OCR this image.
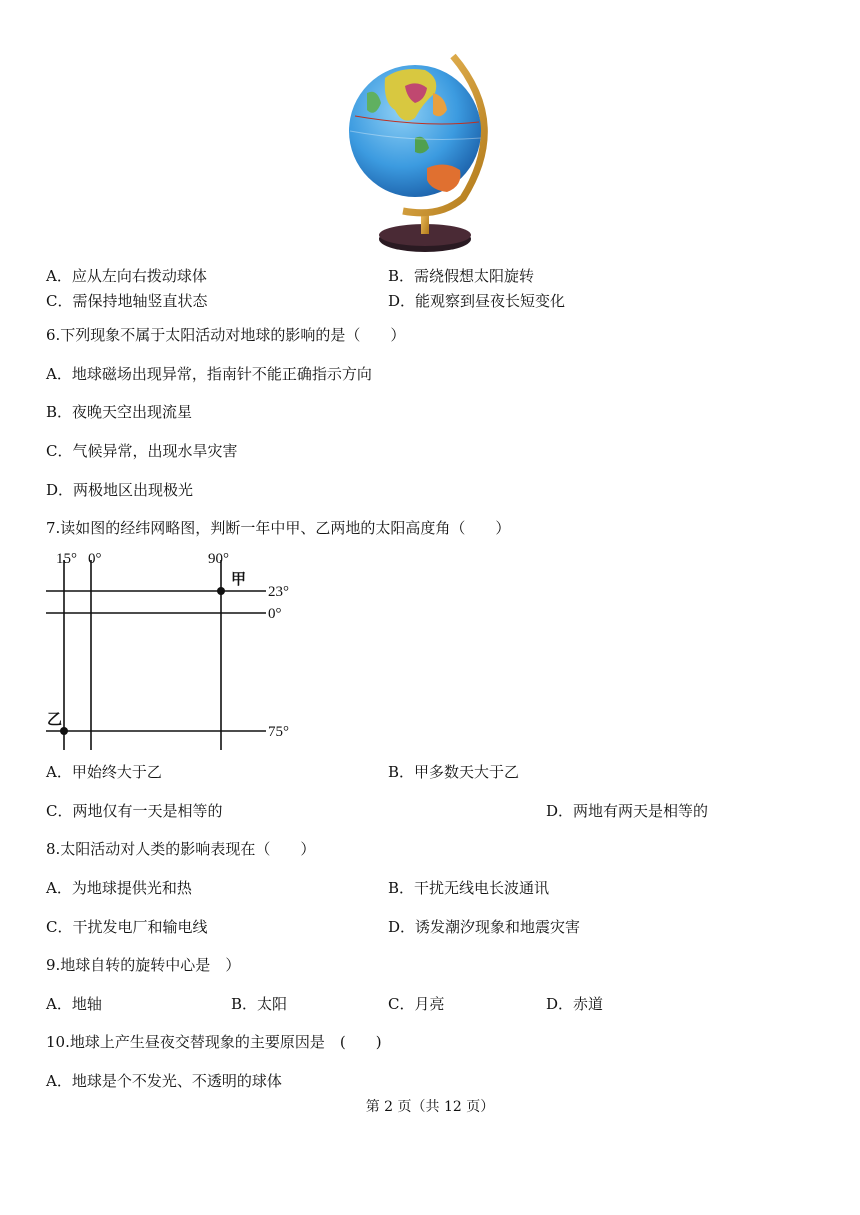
A．应从左向右拨动球体	B．需绕假想太阳旋转
C．需保持地轴竖直状态	D．能观察到昼夜长短变化
6.下列现象不属于太阳活动对地球的影响的是（　　）
A．地球磁场出现异常，指南针不能正确指示方向
B．夜晚天空出现流星
C．气候异常，出现水旱灾害
D．两极地区出现极光
7.读如图的经纬网略图，判断一年中甲、乙两地的太阳高度角（　　）
15° 0°	90°
23°
0°
75°
甲
乙
A．甲始终大于乙	B．甲多数天大于乙
C．两地仅有一天是相等的	D．两地有两天是相等的
8.太阳活动对人类的影响表现在（　　）
A．为地球提供光和热	B．干扰无线电长波通讯
C．干扰发电厂和输电线	D．诱发潮汐现象和地震灾害
9.地球自转的旋转中心是　）
A．地轴	B．太阳	C．月亮	D．赤道
10.地球上产生昼夜交替现象的主要原因是　(　　)
A．地球是个不发光、不透明的球体
第 2 页（共 12 页）
